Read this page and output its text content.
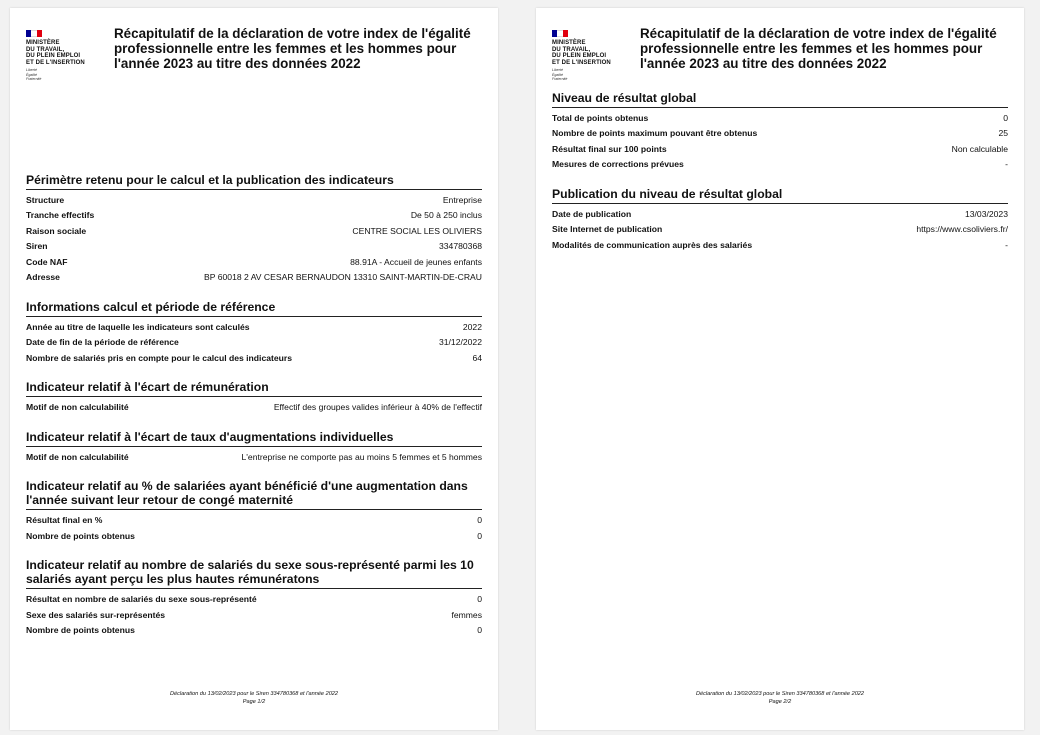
MINISTÈRE
DU TRAVAIL,
DU PLEIN EMPLOI
ET DE L'INSERTION
Liberté
Égalité
Fraternité
Récapitulatif de la déclaration de votre index de l'égalité professionnelle entre les femmes et les hommes pour l'année 2023 au titre des données 2022
Périmètre retenu pour le calcul et la publication des indicateurs
Structure	Entreprise
Tranche effectifs	De 50 à 250 inclus
Raison sociale	CENTRE SOCIAL LES OLIVIERS
Siren	334780368
Code NAF	88.91A - Accueil de jeunes enfants
Adresse	BP 60018 2 AV CESAR BERNAUDON 13310 SAINT-MARTIN-DE-CRAU
Informations calcul et période de référence
Année au titre de laquelle les indicateurs sont calculés	2022
Date de fin de la période de référence	31/12/2022
Nombre de salariés pris en compte pour le calcul des indicateurs	64
Indicateur relatif à l'écart de rémunération
Motif de non calculabilité	Effectif des groupes valides inférieur à 40% de l'effectif
Indicateur relatif à l'écart de taux d'augmentations individuelles
Motif de non calculabilité	L'entreprise ne comporte pas au moins 5 femmes et 5 hommes
Indicateur relatif au % de salariées ayant bénéficié d'une augmentation dans l'année suivant leur retour de congé maternité
Résultat final en %	0
Nombre de points obtenus	0
Indicateur relatif au nombre de salariés du sexe sous-représenté parmi les 10 salariés ayant perçu les plus hautes rémunératons
Résultat en nombre de salariés du sexe sous-représenté	0
Sexe des salariés sur-représentés	femmes
Nombre de points obtenus	0
Déclaration du 13/02/2023 pour le Siren 334780368 et l'année 2022
Page 1/2
MINISTÈRE
DU TRAVAIL,
DU PLEIN EMPLOI
ET DE L'INSERTION
Liberté
Égalité
Fraternité
Récapitulatif de la déclaration de votre index de l'égalité professionnelle entre les femmes et les hommes pour l'année 2023 au titre des données 2022
Niveau de résultat global
Total de points obtenus	0
Nombre de points maximum pouvant être obtenus	25
Résultat final sur 100 points	Non calculable
Mesures de corrections prévues	-
Publication du niveau de résultat global
Date de publication	13/03/2023
Site Internet de publication	https://www.csoliviers.fr/
Modalités de communication auprès des salariés	-
Déclaration du 13/02/2023 pour le Siren 334780368 et l'année 2022
Page 2/2
